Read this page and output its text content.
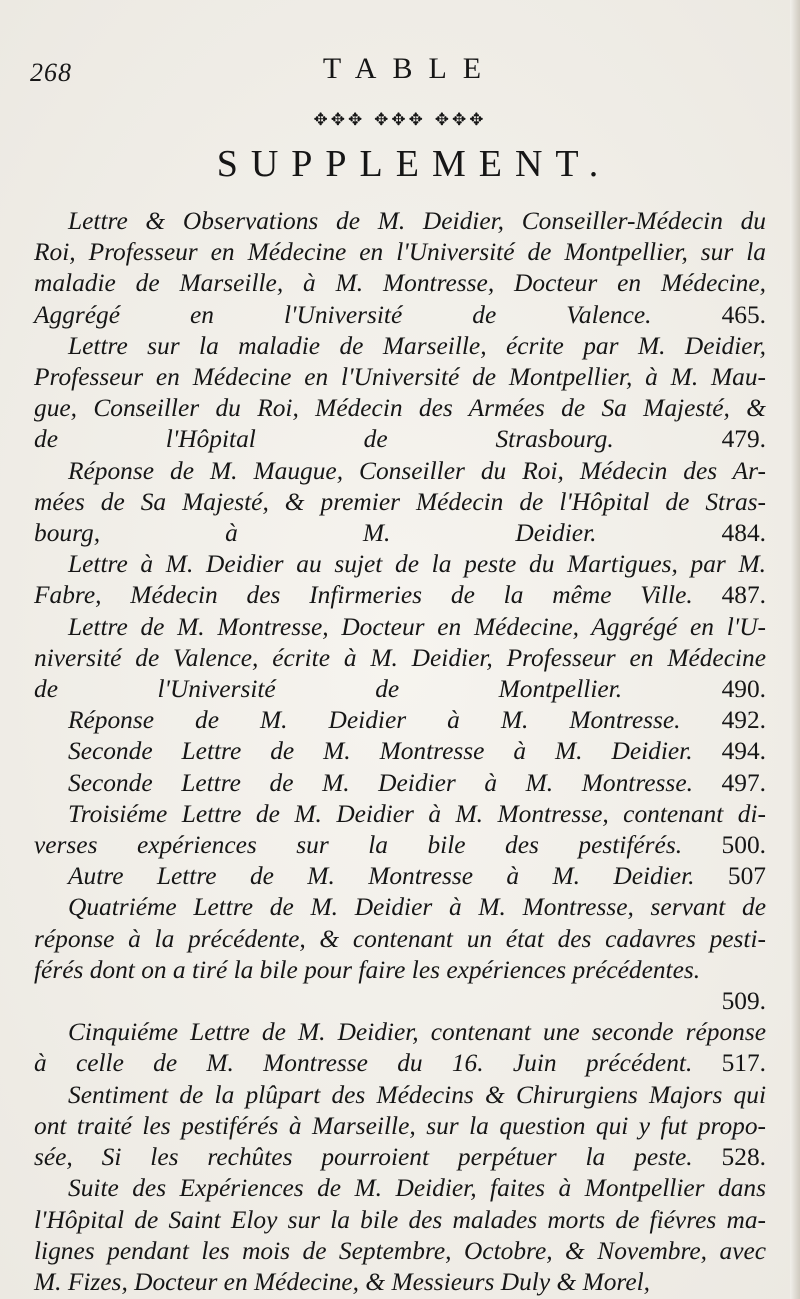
268	TABLE
✥✥✥ ✥✥✥ ✥✥✥
SUPPLEMENT.
Lettre & Observations de M. Deidier, Conseiller-Médecin du
Roi, Professeur en Médecine en l'Université de Montpellier, sur la
maladie de Marseille, à M. Montresse, Docteur en Médecine,
Aggrégé en l'Université de Valence.	465.
Lettre sur la maladie de Marseille, écrite par M. Deidier,
Professeur en Médecine en l'Université de Montpellier, à M. Mau-
gue, Conseiller du Roi, Médecin des Armées de Sa Majesté, &
de l'Hôpital de Strasbourg.	479.
Réponse de M. Maugue, Conseiller du Roi, Médecin des Ar-
mées de Sa Majesté, & premier Médecin de l'Hôpital de Stras-
bourg, à M. Deidier.	484.
Lettre à M. Deidier au sujet de la peste du Martigues, par M.
Fabre, Médecin des Infirmeries de la même Ville. 487.
Lettre de M. Montresse, Docteur en Médecine, Aggrégé en l'U-
niversité de Valence, écrite à M. Deidier, Professeur en Médecine
de l'Université de Montpellier.	490.
Réponse de M. Deidier à M. Montresse. 492.
Seconde Lettre de M. Montresse à M. Deidier. 494.
Seconde Lettre de M. Deidier à M. Montresse. 497.
Troisiéme Lettre de M. Deidier à M. Montresse, contenant di-
verses expériences sur la bile des pestiférés. 500.
Autre Lettre de M. Montresse à M. Deidier. 507
Quatriéme Lettre de M. Deidier à M. Montresse, servant de
réponse à la précédente, & contenant un état des cadavres pesti-
férés dont on a tiré la bile pour faire les expériences précédentes.
509.
Cinquiéme Lettre de M. Deidier, contenant une seconde réponse
à celle de M. Montresse du 16. Juin précédent. 517.
Sentiment de la plûpart des Médecins & Chirurgiens Majors qui
ont traité les pestiférés à Marseille, sur la question qui y fut propo-
sée, Si les rechûtes pourroient perpétuer la peste. 528.
Suite des Expériences de M. Deidier, faites à Montpellier dans
l'Hôpital de Saint Eloy sur la bile des malades morts de fiévres ma-
lignes pendant les mois de Septembre, Octobre, & Novembre, avec
M. Fizes, Docteur en Médecine, & Messieurs Duly & Morel,
